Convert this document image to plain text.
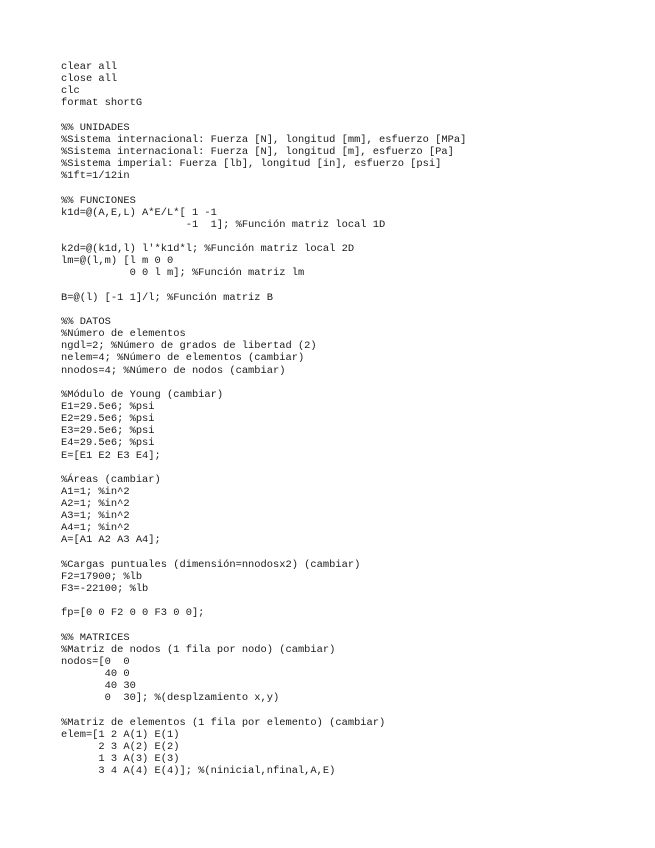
clear all
close all
clc
format shortG
%% UNIDADES
%Sistema internacional: Fuerza [N], longitud [mm], esfuerzo [MPa]
%Sistema internacional: Fuerza [N], longitud [m], esfuerzo [Pa]
%Sistema imperial: Fuerza [lb], longitud [in], esfuerzo [psi]
%1ft=1/12in
%% FUNCIONES
k1d=@(A,E,L) A*E/L*[ 1 -1
-1  1]; %Función matriz local 1D
k2d=@(k1d,l) l'*k1d*l; %Función matriz local 2D
lm=@(l,m) [l m 0 0
0 0 l m]; %Función matriz lm
B=@(l) [-1 1]/l; %Función matriz B
%% DATOS
%Número de elementos
ngdl=2; %Número de grados de libertad (2)
nelem=4; %Número de elementos (cambiar)
nnodos=4; %Número de nodos (cambiar)
%Módulo de Young (cambiar)
E1=29.5e6; %psi
E2=29.5e6; %psi
E3=29.5e6; %psi
E4=29.5e6; %psi
E=[E1 E2 E3 E4];
%Áreas (cambiar)
A1=1; %in^2
A2=1; %in^2
A3=1; %in^2
A4=1; %in^2
A=[A1 A2 A3 A4];
%Cargas puntuales (dimensión=nnodosx2) (cambiar)
F2=17900; %lb
F3=-22100; %lb
fp=[0 0 F2 0 0 F3 0 0];
%% MATRICES
%Matriz de nodos (1 fila por nodo) (cambiar)
nodos=[0  0
40 0
40 30
0  30]; %(desplzamiento x,y)
%Matriz de elementos (1 fila por elemento) (cambiar)
elem=[1 2 A(1) E(1)
2 3 A(2) E(2)
1 3 A(3) E(3)
3 4 A(4) E(4)]; %(ninicial,nfinal,A,E)
